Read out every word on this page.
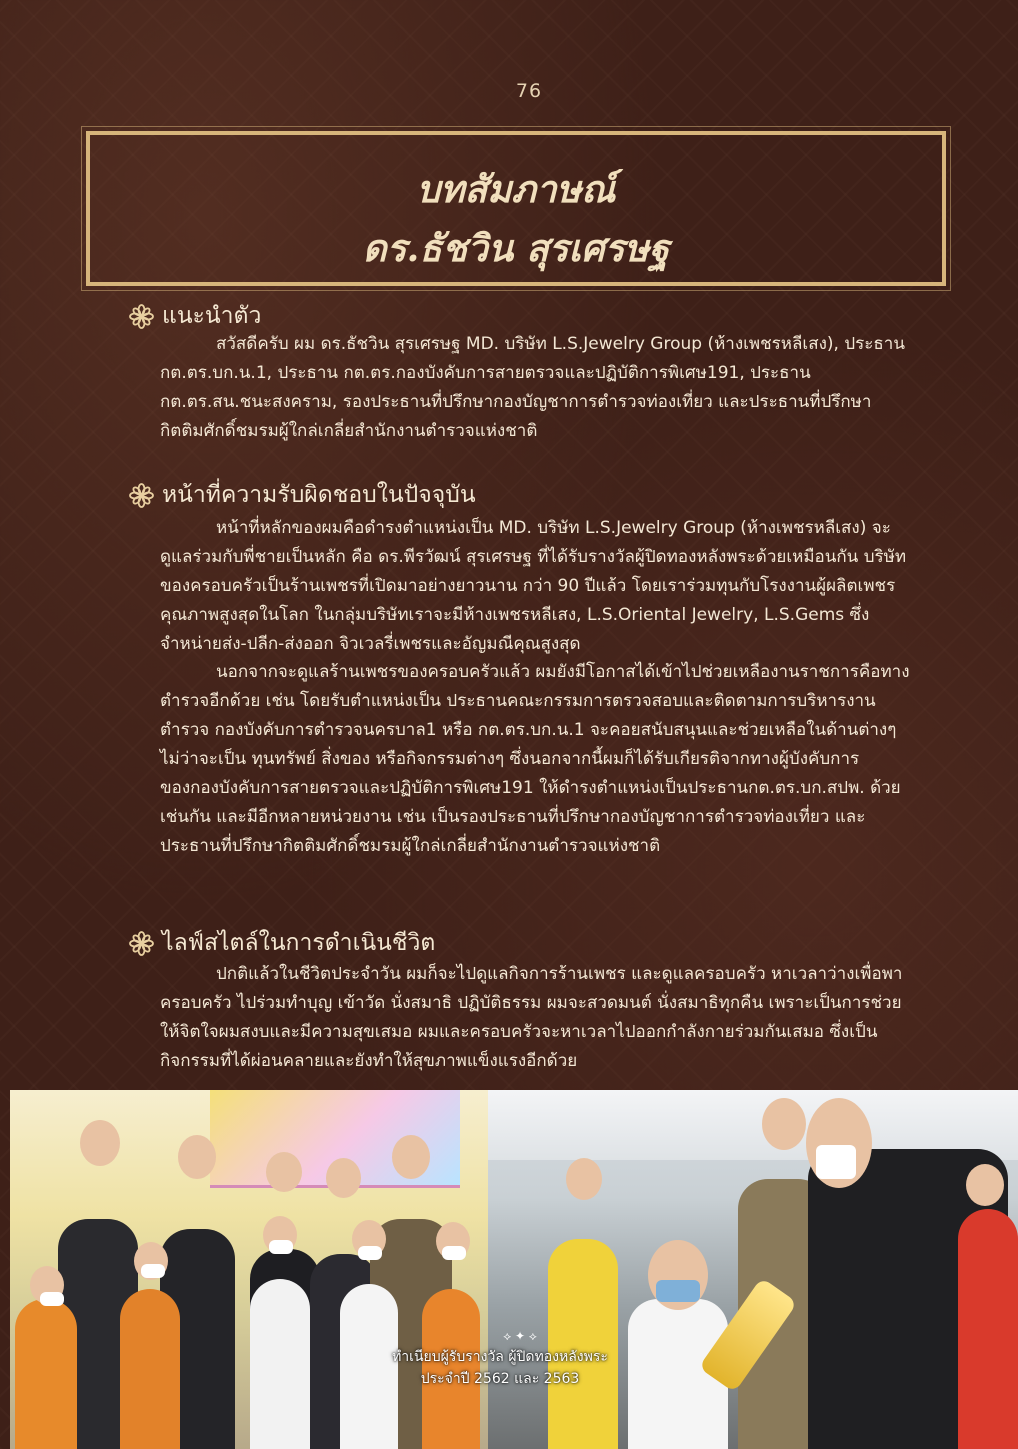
76
บทสัมภาษณ์
ดร.ธัชวิน สุรเศรษฐ
แนะนำตัว

สวัสดีครับ ผม ดร.ธัชวิน สุรเศรษฐ MD. บริษัท L.S.Jewelry Group (ห้างเพชรหลีเสง), ประธาน กต.ตร.บก.น.1, ประธาน กต.ตร.กองบังคับการสายตรวจและปฏิบัติการพิเศษ191, ประธาน กต.ตร.สน.ชนะสงคราม, รองประธานที่ปรึกษากองบัญชาการตำรวจท่องเที่ยว และประธานที่ปรึกษากิตติมศักดิ์ชมรมผู้ใกล่เกลี่ยสำนักงานตำรวจแห่งชาติ

หน้าที่ความรับผิดชอบในปัจจุบัน

หน้าที่หลักของผมคือดำรงตำแหน่งเป็น MD. บริษัท L.S.Jewelry Group (ห้างเพชรหลีเสง) จะดูแลร่วมกับพี่ชายเป็นหลัก คือ ดร.พีรวัฒน์ สุรเศรษฐ ที่ได้รับรางวัลผู้ปิดทองหลังพระด้วยเหมือนกัน บริษัทของครอบครัวเป็นร้านเพชรที่เปิดมาอย่างยาวนาน กว่า 90 ปีแล้ว โดยเราร่วมทุนกับโรงงานผู้ผลิตเพชรคุณภาพสูงสุดในโลก ในกลุ่มบริษัทเราจะมีห้างเพชรหลีเสง, L.S.Oriental Jewelry, L.S.Gems ซึ่งจำหน่ายส่ง-ปลีก-ส่งออก จิวเวลรี่เพชรและอัญมณีคุณสูงสุด

นอกจากจะดูแลร้านเพชรของครอบครัวแล้ว ผมยังมีโอกาสได้เข้าไปช่วยเหลืองานราชการคือทางตำรวจอีกด้วย เช่น โดยรับตำแหน่งเป็น ประธานคณะกรรมการตรวจสอบและติดตามการบริหารงานตำรวจ กองบังคับการตำรวจนครบาล1 หรือ กต.ตร.บก.น.1 จะคอยสนับสนุนและช่วยเหลือในด้านต่างๆ ไม่ว่าจะเป็น ทุนทรัพย์ สิ่งของ หรือกิจกรรมต่างๆ ซึ่งนอกจากนี้ผมก็ได้รับเกียรติจากทางผู้บังคับการของกองบังคับการสายตรวจและปฏิบัติการพิเศษ191 ให้ดำรงตำแหน่งเป็นประธานกต.ตร.บก.สปพ. ด้วยเช่นกัน และมีอีกหลายหน่วยงาน เช่น เป็นรองประธานที่ปรึกษากองบัญชาการตำรวจท่องเที่ยว และประธานที่ปรึกษากิตติมศักดิ์ชมรมผู้ใกล่เกลี่ยสำนักงานตำรวจแห่งชาติ

ไลฟ์สไตล์ในการดำเนินชีวิต

ปกติแล้วในชีวิตประจำวัน ผมก็จะไปดูแลกิจการร้านเพชร และดูแลครอบครัว หาเวลาว่างเพื่อพาครอบครัว ไปร่วมทำบุญ เข้าวัด นั่งสมาธิ ปฏิบัติธรรม ผมจะสวดมนต์ นั่งสมาธิทุกคืน เพราะเป็นการช่วยให้จิตใจผมสงบและมีความสุขเสมอ ผมและครอบครัวจะหาเวลาไปออกกำลังกายร่วมกันเสมอ ซึ่งเป็นกิจกรรมที่ได้ผ่อนคลายและยังทำให้สุขภาพแข็งแรงอีกด้วย

⟡ ✦ ⟡
ทำเนียบผู้รับรางวัล ผู้ปิดทองหลังพระ
ประจำปี 2562 และ 2563
